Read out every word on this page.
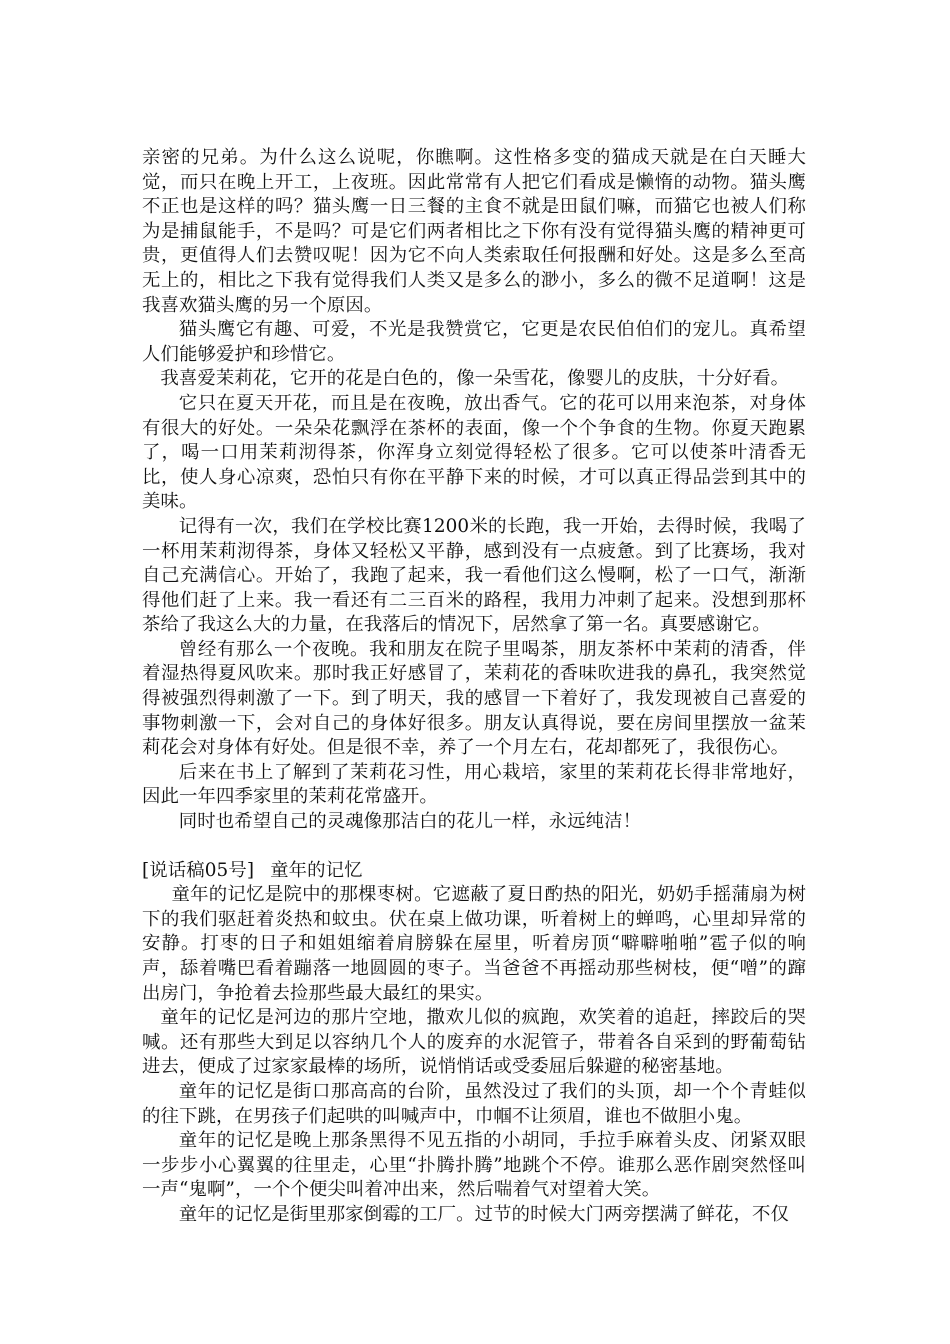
亲密的兄弟。为什么这么说呢，你瞧啊。这性格多变的猫成天就是在白天睡大觉，而只在晚上开工，上夜班。因此常常有人把它们看成是懒惰的动物。猫头鹰不正也是这样的吗？猫头鹰一日三餐的主食不就是田鼠们嘛，而猫它也被人们称为是捕鼠能手，不是吗？可是它们两者相比之下你有没有觉得猫头鹰的精神更可贵，更值得人们去赞叹呢！因为它不向人类索取任何报酬和好处。这是多么至高无上的，相比之下我有觉得我们人类又是多么的渺小，多么的微不足道啊！这是我喜欢猫头鹰的另一个原因。

猫头鹰它有趣、可爱，不光是我赞赏它，它更是农民伯伯们的宠儿。真希望人们能够爱护和珍惜它。

我喜爱茉莉花，它开的花是白色的，像一朵雪花，像婴儿的皮肤，十分好看。

它只在夏天开花，而且是在夜晚，放出香气。它的花可以用来泡茶，对身体有很大的好处。一朵朵花飘浮在茶杯的表面，像一个个争食的生物。你夏天跑累了，喝一口用茉莉沏得茶，你浑身立刻觉得轻松了很多。它可以使茶叶清香无比，使人身心凉爽，恐怕只有你在平静下来的时候，才可以真正得品尝到其中的美味。

记得有一次，我们在学校比赛1200米的长跑，我一开始，去得时候，我喝了一杯用茉莉沏得茶，身体又轻松又平静，感到没有一点疲惫。到了比赛场，我对自己充满信心。开始了，我跑了起来，我一看他们这么慢啊，松了一口气，渐渐得他们赶了上来。我一看还有二三百米的路程，我用力冲刺了起来。没想到那杯茶给了我这么大的力量，在我落后的情况下，居然拿了第一名。真要感谢它。

曾经有那么一个夜晚。我和朋友在院子里喝茶，朋友茶杯中茉莉的清香，伴着湿热得夏风吹来。那时我正好感冒了，茉莉花的香味吹进我的鼻孔，我突然觉得被强烈得刺激了一下。到了明天，我的感冒一下着好了，我发现被自己喜爱的事物刺激一下，会对自己的身体好很多。朋友认真得说，要在房间里摆放一盆茉莉花会对身体有好处。但是很不幸，养了一个月左右，花却都死了，我很伤心。

后来在书上了解到了茉莉花习性，用心栽培，家里的茉莉花长得非常地好，因此一年四季家里的茉莉花常盛开。

同时也希望自己的灵魂像那洁白的花儿一样，永远纯洁！

[说话稿05号] 童年的记忆

童年的记忆是院中的那棵枣树。它遮蔽了夏日酌热的阳光，奶奶手摇蒲扇为树下的我们驱赶着炎热和蚊虫。伏在桌上做功课，听着树上的蝉鸣，心里却异常的安静。打枣的日子和姐姐缩着肩膀躲在屋里，听着房顶“噼噼啪啪”雹子似的响声，舔着嘴巴看着蹦落一地圆圆的枣子。当爸爸不再摇动那些树枝，便“噌”的蹿出房门，争抢着去捡那些最大最红的果实。

童年的记忆是河边的那片空地，撒欢儿似的疯跑，欢笑着的追赶，摔跤后的哭喊。还有那些大到足以容纳几个人的废弃的水泥管子，带着各自采到的野葡萄钻进去，便成了过家家最棒的场所，说悄悄话或受委屈后躲避的秘密基地。

童年的记忆是街口那高高的台阶，虽然没过了我们的头顶，却一个个青蛙似的往下跳，在男孩子们起哄的叫喊声中，巾帼不让须眉，谁也不做胆小鬼。

童年的记忆是晚上那条黑得不见五指的小胡同，手拉手麻着头皮、闭紧双眼一步步小心翼翼的往里走，心里“扑腾扑腾”地跳个不停。谁那么恶作剧突然怪叫一声“鬼啊”，一个个便尖叫着冲出来，然后喘着气对望着大笑。

童年的记忆是街里那家倒霉的工厂。过节的时候大门两旁摆满了鲜花，不仅
